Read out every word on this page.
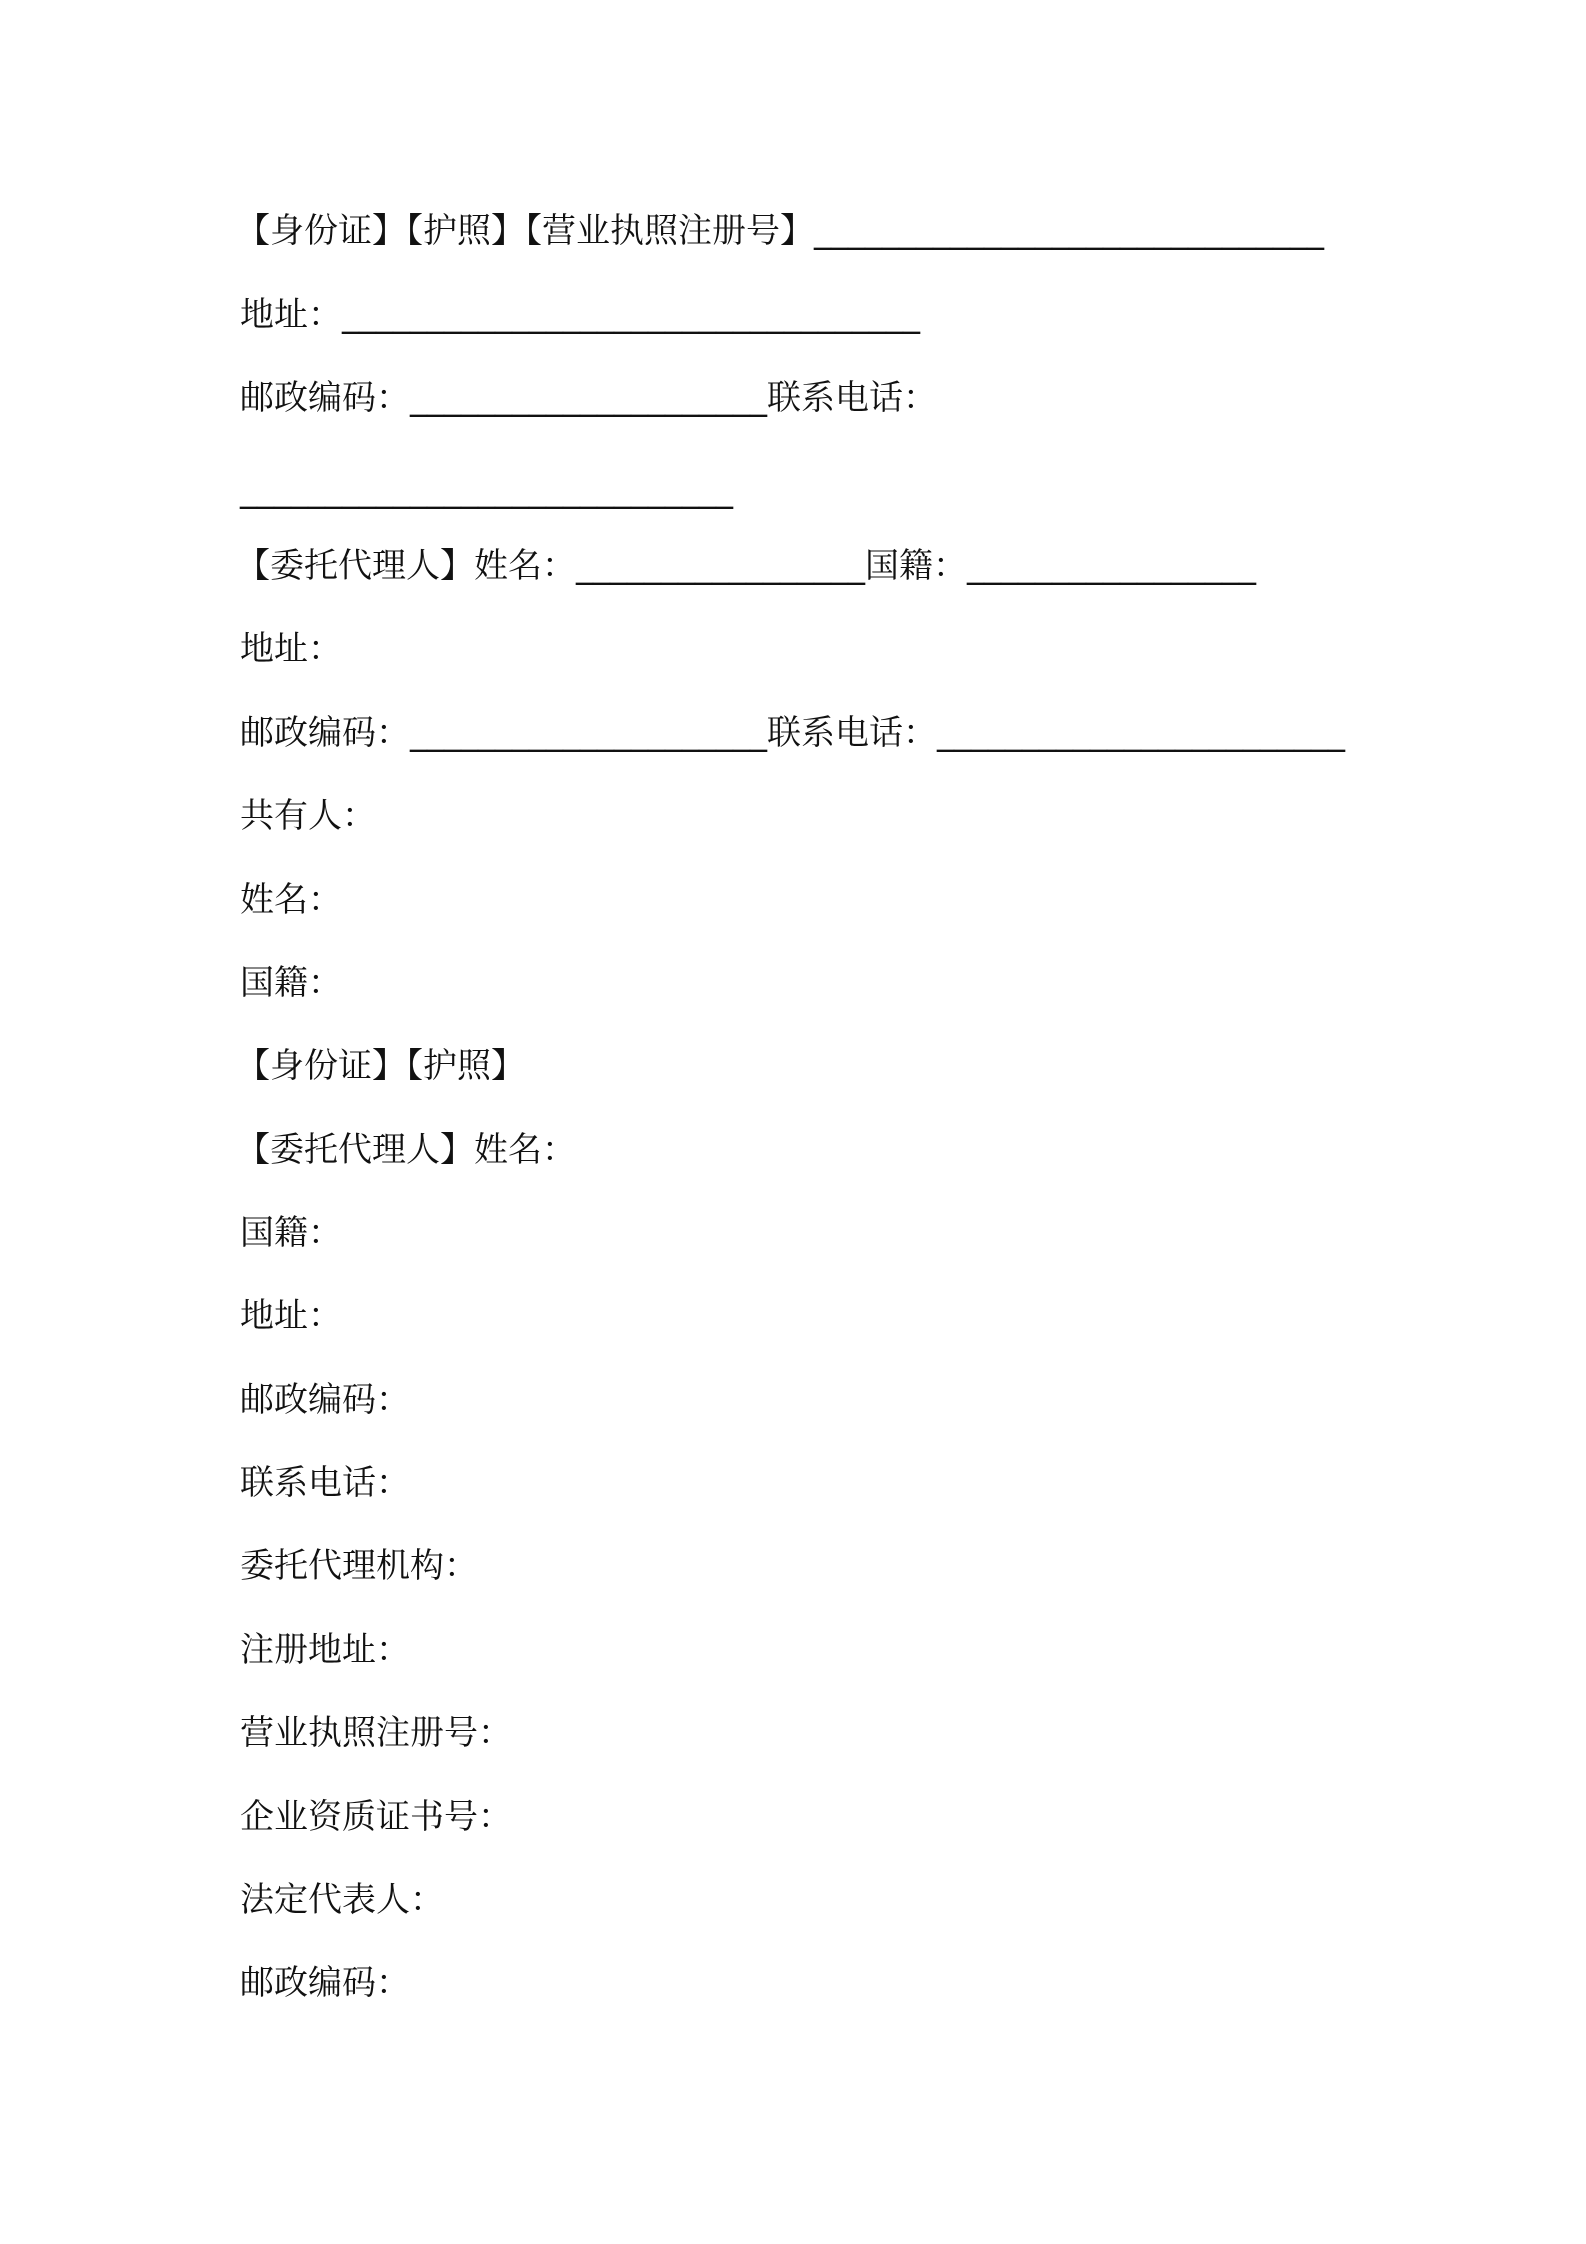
【身份证】【护照】【营业执照注册号】______________________________
地址：__________________________________
邮政编码：_____________________联系电话：
_____________________________
【委托代理人】姓名：_________________国籍：_________________
地址：
邮政编码：_____________________联系电话：________________________
共有人：
姓名：
国籍：
【身份证】【护照】
【委托代理人】姓名：
国籍：
地址：
邮政编码：
联系电话：
委托代理机构：
注册地址：
营业执照注册号：
企业资质证书号：
法定代表人：
邮政编码：
